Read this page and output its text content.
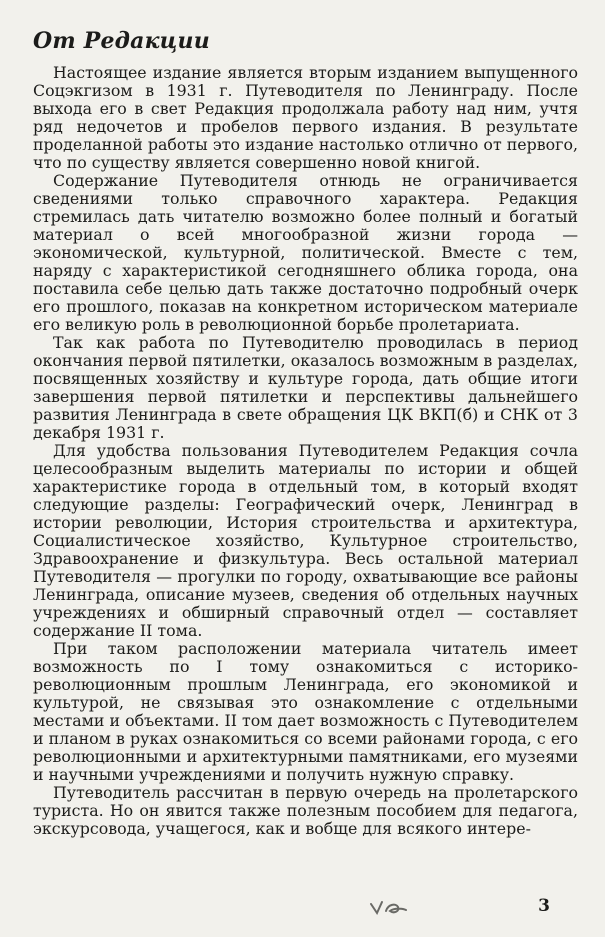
От Редакции

Настоящее издание является вторым изданием выпущенного Соцэкгизом в 1931 г. Путеводителя по Ленинграду. После выхода его в свет Редакция продолжала работу над ним, учтя ряд недочетов и пробелов первого издания. В результате проделанной работы это издание настолько отлично от первого, что по существу является совершенно новой книгой.

Содержание Путеводителя отнюдь не ограничивается сведениями только справочного характера. Редакция стремилась дать читателю возможно более полный и богатый материал о всей многообразной жизни города — экономической, культурной, политической. Вместе с тем, наряду с характеристикой сегодняшнего облика города, она поставила себе целью дать также достаточно подробный очерк его прошлого, показав на конкретном историческом материале его великую роль в революционной борьбе пролетариата.

Так как работа по Путеводителю проводилась в период окончания первой пятилетки, оказалось возможным в разделах, посвященных хозяйству и культуре города, дать общие итоги завершения первой пятилетки и перспективы дальнейшего развития Ленинграда в свете обращения ЦК ВКП(б) и СНК от 3 декабря 1931 г.

Для удобства пользования Путеводителем Редакция сочла целесообразным выделить материалы по истории и общей характеристике города в отдельный том, в который входят следующие разделы: Географический очерк, Ленинград в истории революции, История строительства и архитектура, Социалистическое хозяйство, Культурное строительство, Здравоохранение и физкультура. Весь остальной материал Путеводителя — прогулки по городу, охватывающие все районы Ленинграда, описание музеев, сведения об отдельных научных учреждениях и обширный справочный отдел — составляет содержание II тома.

При таком расположении материала читатель имеет возможность по I тому ознакомиться с историко-революционным прошлым Ленинграда, его экономикой и культурой, не связывая это ознакомление с отдельными местами и объектами. II том дает возможность с Путеводителем и планом в руках ознакомиться со всеми районами города, с его революционными и архитектурными памятниками, его музеями и научными учреждениями и получить нужную справку.

Путеводитель рассчитан в первую очередь на пролетарского туриста. Но он явится также полезным пособием для педагога, экскурсовода, учащегося, как и вобще для всякого интере-

3
